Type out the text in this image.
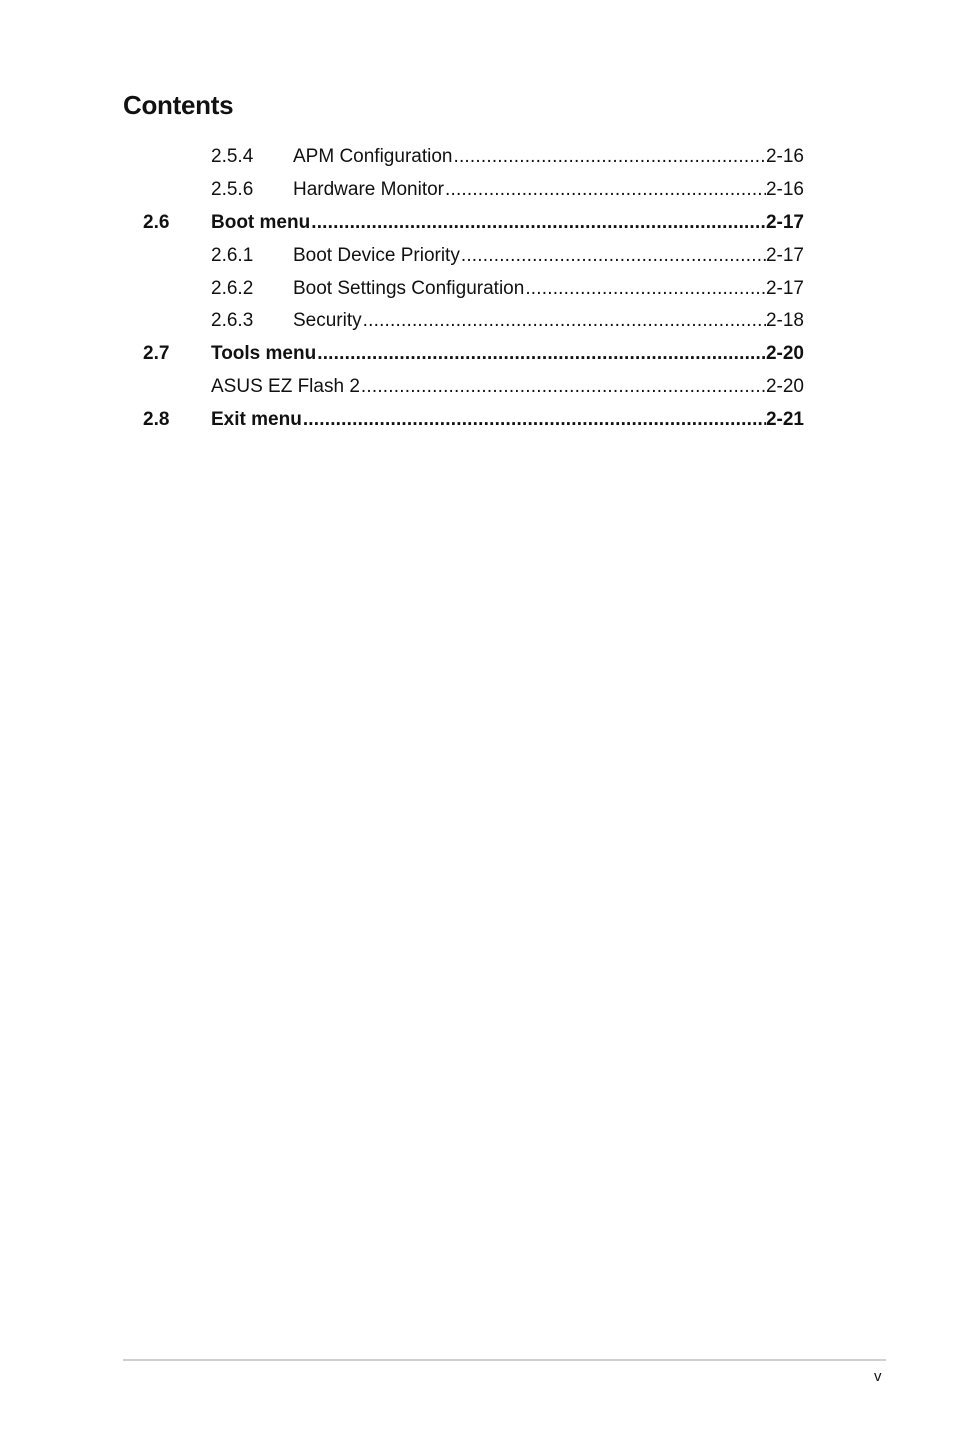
Contents
2.5.4 APM Configuration .....	2-16
2.5.6 Hardware Monitor .....	2-16
2.6 Boot menu .....	2-17
2.6.1 Boot Device Priority .....	2-17
2.6.2 Boot Settings Configuration .....	2-17
2.6.3 Security .....	2-18
2.7 Tools menu .....	2-20
ASUS EZ Flash 2 .....	2-20
2.8 Exit menu .....	2-21
v
